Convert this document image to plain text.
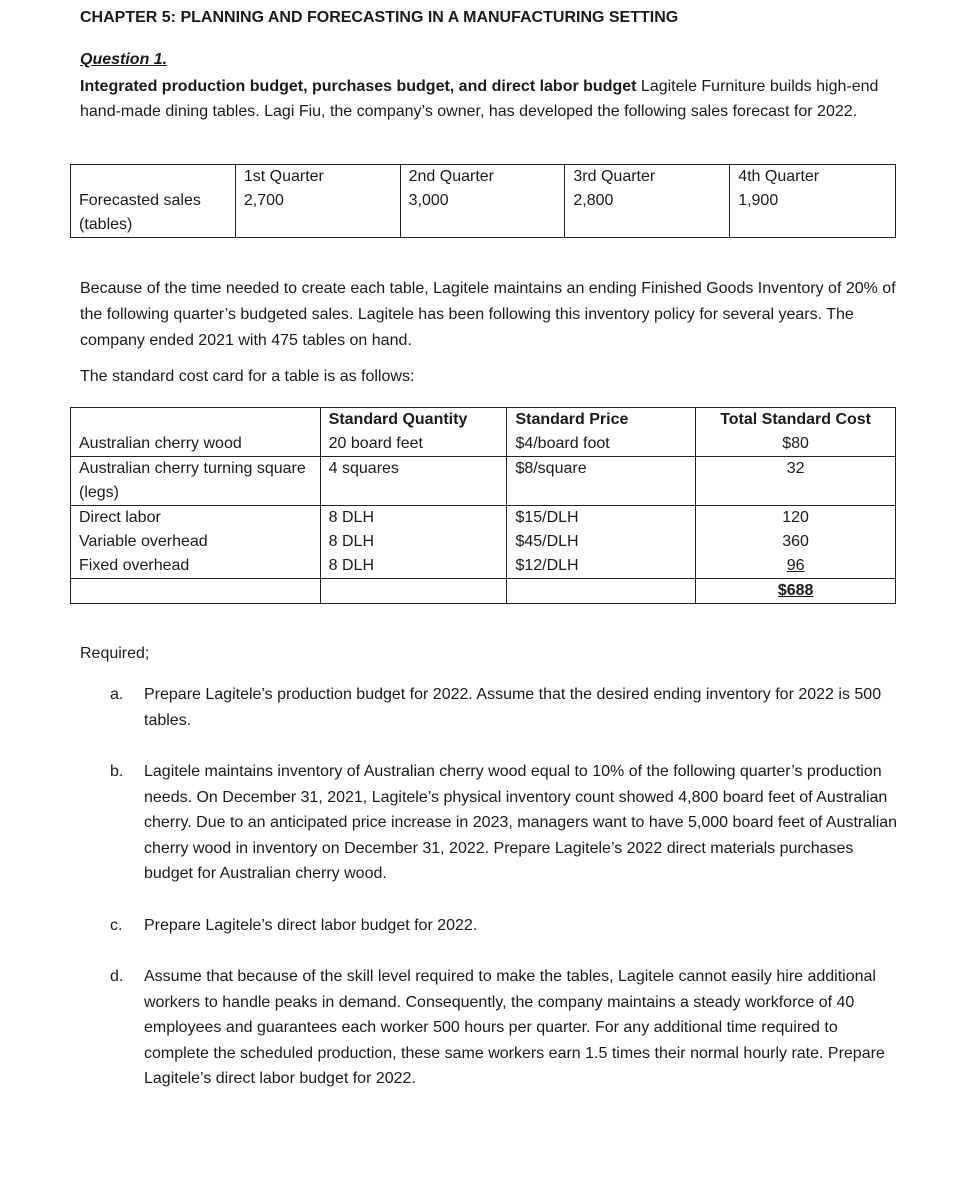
CHAPTER 5: PLANNING AND FORECASTING IN A MANUFACTURING SETTING
Question 1.
Integrated production budget, purchases budget, and direct labor budget Lagitele Furniture builds high-end hand-made dining tables. Lagi Fiu, the company’s owner, has developed the following sales forecast for 2022.
	1st Quarter	2nd Quarter	3rd Quarter	4th Quarter
Forecasted sales (tables)	2,700	3,000	2,800	1,900
Because of the time needed to create each table, Lagitele maintains an ending Finished Goods Inventory of 20% of the following quarter’s budgeted sales. Lagitele has been following this inventory policy for several years. The company ended 2021 with 475 tables on hand.
The standard cost card for a table is as follows:
	Standard Quantity	Standard Price	Total Standard Cost
Australian cherry wood	20 board feet	$4/board foot	$80
Australian cherry turning square (legs)	4 squares	$8/square	32
Direct labor	8 DLH	$15/DLH	120
Variable overhead	8 DLH	$45/DLH	360
Fixed overhead	8 DLH	$12/DLH	96
			$688
Required;
a. Prepare Lagitele’s production budget for 2022. Assume that the desired ending inventory for 2022 is 500 tables.
b. Lagitele maintains inventory of Australian cherry wood equal to 10% of the following quarter’s production needs. On December 31, 2021, Lagitele’s physical inventory count showed 4,800 board feet of Australian cherry. Due to an anticipated price increase in 2023, managers want to have 5,000 board feet of Australian cherry wood in inventory on December 31, 2022. Prepare Lagitele’s 2022 direct materials purchases budget for Australian cherry wood.
c. Prepare Lagitele’s direct labor budget for 2022.
d. Assume that because of the skill level required to make the tables, Lagitele cannot easily hire additional workers to handle peaks in demand. Consequently, the company maintains a steady workforce of 40 employees and guarantees each worker 500 hours per quarter. For any additional time required to complete the scheduled production, these same workers earn 1.5 times their normal hourly rate. Prepare Lagitele’s direct labor budget for 2022.
